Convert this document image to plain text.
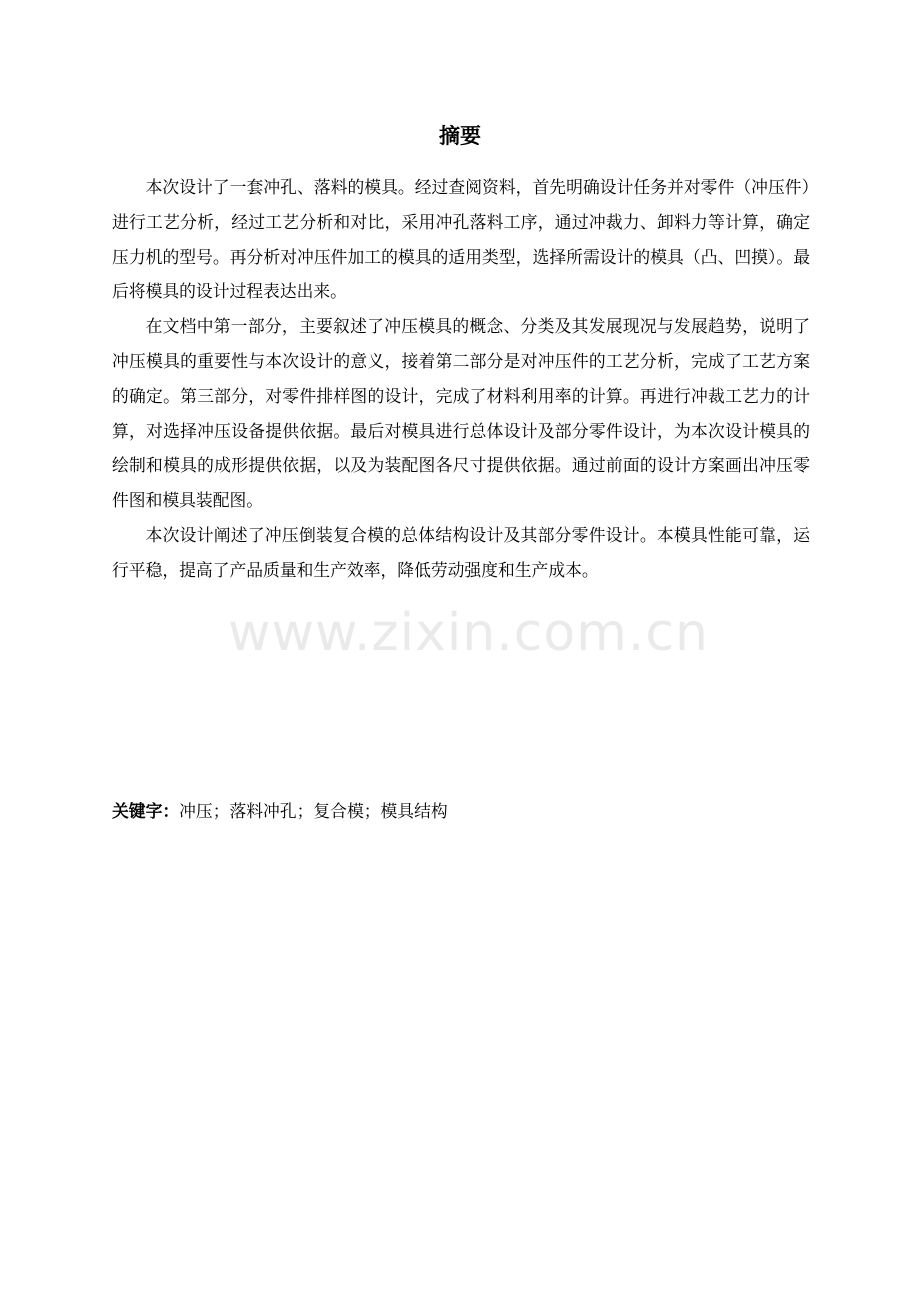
摘要

本次设计了一套冲孔、落料的模具。经过查阅资料，首先明确设计任务并对零件（冲压件）进行工艺分析，经过工艺分析和对比，采用冲孔落料工序，通过冲裁力、卸料力等计算，确定压力机的型号。再分析对冲压件加工的模具的适用类型，选择所需设计的模具（凸、凹摸）。最后将模具的设计过程表达出来。

在文档中第一部分，主要叙述了冲压模具的概念、分类及其发展现况与发展趋势，说明了冲压模具的重要性与本次设计的意义，接着第二部分是对冲压件的工艺分析，完成了工艺方案的确定。第三部分，对零件排样图的设计，完成了材料利用率的计算。再进行冲裁工艺力的计算，对选择冲压设备提供依据。最后对模具进行总体设计及部分零件设计，为本次设计模具的绘制和模具的成形提供依据，以及为装配图各尺寸提供依据。通过前面的设计方案画出冲压零件图和模具装配图。

本次设计阐述了冲压倒装复合模的总体结构设计及其部分零件设计。本模具性能可靠，运行平稳，提高了产品质量和生产效率，降低劳动强度和生产成本。

关键字：冲压；落料冲孔；复合模；模具结构

www.zixin.com.cn
